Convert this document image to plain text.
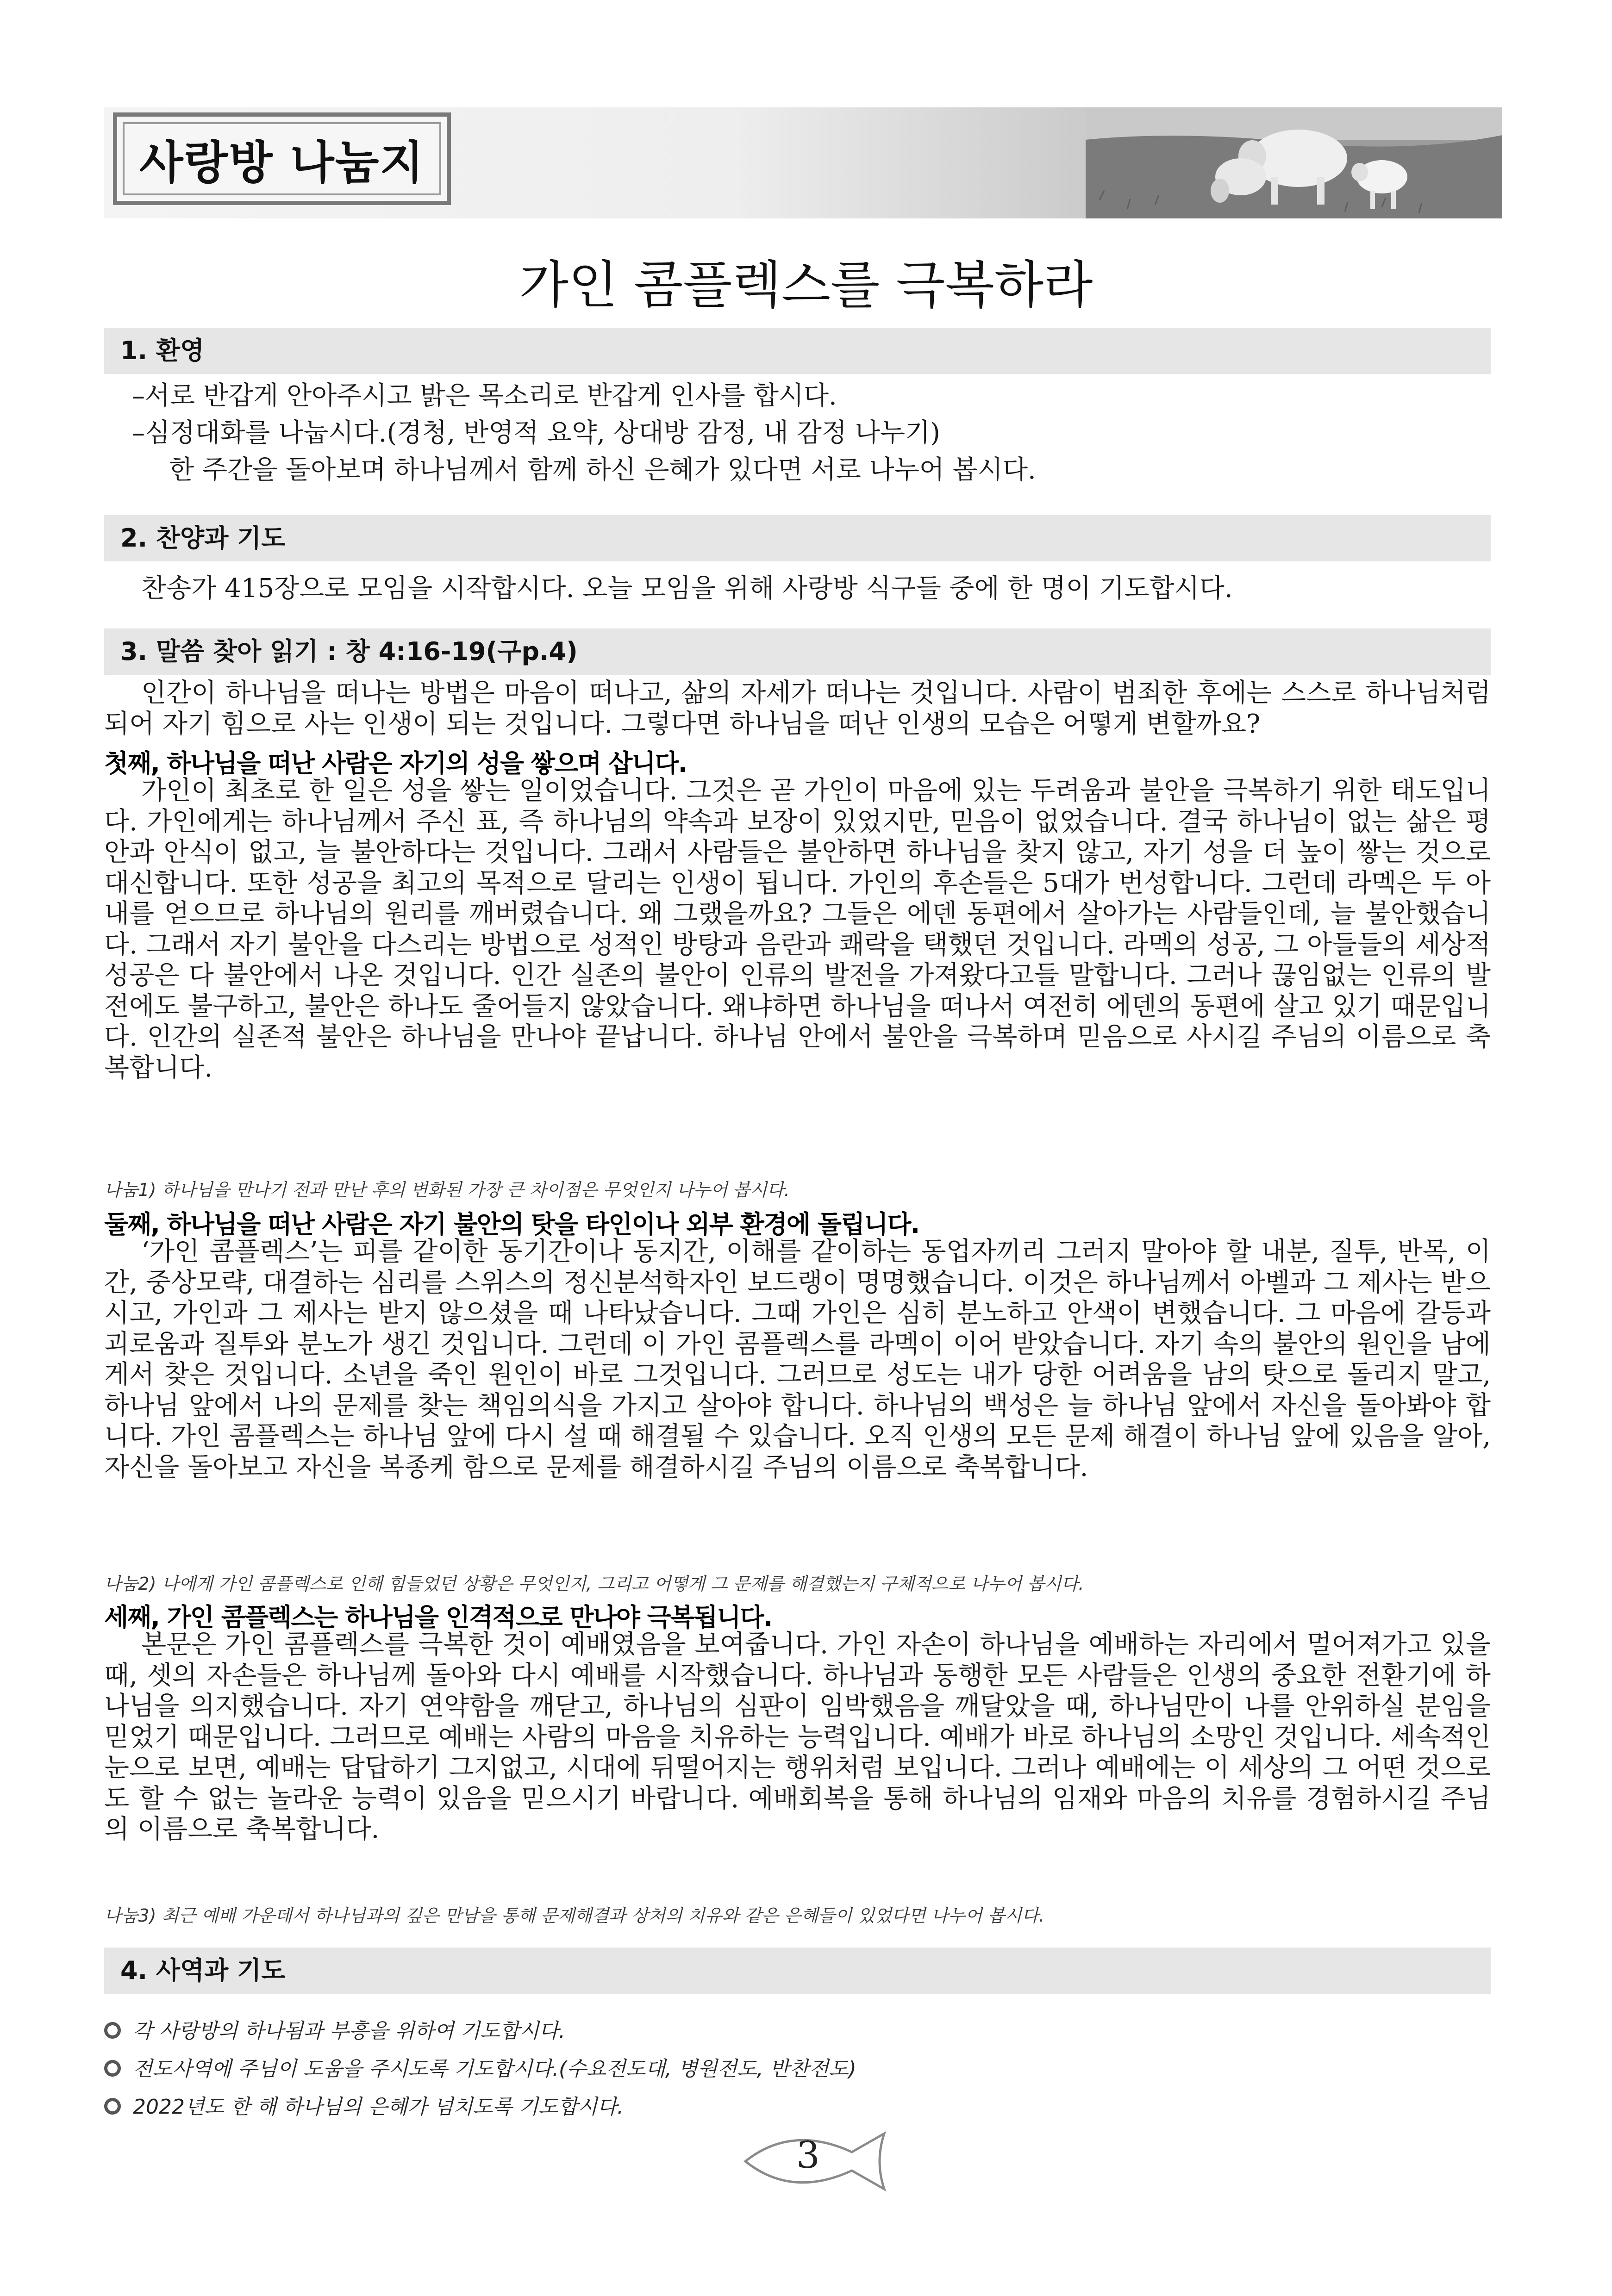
사랑방 나눔지
가인 콤플렉스를 극복하라
1. 환영
–서로 반갑게 안아주시고 밝은 목소리로 반갑게 인사를 합시다.
–심정대화를 나눕시다.(경청, 반영적 요약, 상대방 감정, 내 감정 나누기)
한 주간을 돌아보며 하나님께서 함께 하신 은혜가 있다면 서로 나누어 봅시다.
2. 찬양과 기도
찬송가 415장으로 모임을 시작합시다. 오늘 모임을 위해 사랑방 식구들 중에 한 명이 기도합시다.
3. 말씀 찾아 읽기 : 창 4:16-19(구p.4)

인간이 하나님을 떠나는 방법은 마음이 떠나고, 삶의 자세가 떠나는 것입니다. 사람이 범죄한 후에는 스스로 하나님처럼 되어 자기 힘으로 사는 인생이 되는 것입니다. 그렇다면 하나님을 떠난 인생의 모습은 어떻게 변할까요?

첫째, 하나님을 떠난 사람은 자기의 성을 쌓으며 삽니다.

가인이 최초로 한 일은 성을 쌓는 일이었습니다. 그것은 곧 가인이 마음에 있는 두려움과 불안을 극복하기 위한 태도입니다. 가인에게는 하나님께서 주신 표, 즉 하나님의 약속과 보장이 있었지만, 믿음이 없었습니다. 결국 하나님이 없는 삶은 평안과 안식이 없고, 늘 불안하다는 것입니다. 그래서 사람들은 불안하면 하나님을 찾지 않고, 자기 성을 더 높이 쌓는 것으로 대신합니다. 또한 성공을 최고의 목적으로 달리는 인생이 됩니다. 가인의 후손들은 5대가 번성합니다. 그런데 라멕은 두 아내를 얻으므로 하나님의 원리를 깨버렸습니다. 왜 그랬을까요? 그들은 에덴 동편에서 살아가는 사람들인데, 늘 불안했습니다. 그래서 자기 불안을 다스리는 방법으로 성적인 방탕과 음란과 쾌락을 택했던 것입니다. 라멕의 성공, 그 아들들의 세상적 성공은 다 불안에서 나온 것입니다. 인간 실존의 불안이 인류의 발전을 가져왔다고들 말합니다. 그러나 끊임없는 인류의 발전에도 불구하고, 불안은 하나도 줄어들지 않았습니다. 왜냐하면 하나님을 떠나서 여전히 에덴의 동편에 살고 있기 때문입니다. 인간의 실존적 불안은 하나님을 만나야 끝납니다. 하나님 안에서 불안을 극복하며 믿음으로 사시길 주님의 이름으로 축복합니다.

나눔1) 하나님을 만나기 전과 만난 후의 변화된 가장 큰 차이점은 무엇인지 나누어 봅시다.
둘째, 하나님을 떠난 사람은 자기 불안의 탓을 타인이나 외부 환경에 돌립니다.

‘가인 콤플렉스’는 피를 같이한 동기간이나 동지간, 이해를 같이하는 동업자끼리 그러지 말아야 할 내분, 질투, 반목, 이간, 중상모략, 대결하는 심리를 스위스의 정신분석학자인 보드랭이 명명했습니다. 이것은 하나님께서 아벨과 그 제사는 받으시고, 가인과 그 제사는 받지 않으셨을 때 나타났습니다. 그때 가인은 심히 분노하고 안색이 변했습니다. 그 마음에 갈등과 괴로움과 질투와 분노가 생긴 것입니다. 그런데 이 가인 콤플렉스를 라멕이 이어 받았습니다. 자기 속의 불안의 원인을 남에게서 찾은 것입니다. 소년을 죽인 원인이 바로 그것입니다. 그러므로 성도는 내가 당한 어려움을 남의 탓으로 돌리지 말고, 하나님 앞에서 나의 문제를 찾는 책임의식을 가지고 살아야 합니다. 하나님의 백성은 늘 하나님 앞에서 자신을 돌아봐야 합니다. 가인 콤플렉스는 하나님 앞에 다시 설 때 해결될 수 있습니다. 오직 인생의 모든 문제 해결이 하나님 앞에 있음을 알아, 자신을 돌아보고 자신을 복종케 함으로 문제를 해결하시길 주님의 이름으로 축복합니다.

나눔2) 나에게 가인 콤플렉스로 인해 힘들었던 상황은 무엇인지, 그리고 어떻게 그 문제를 해결했는지 구체적으로 나누어 봅시다.
세째, 가인 콤플렉스는 하나님을 인격적으로 만나야 극복됩니다.

본문은 가인 콤플렉스를 극복한 것이 예배였음을 보여줍니다. 가인 자손이 하나님을 예배하는 자리에서 멀어져가고 있을 때, 셋의 자손들은 하나님께 돌아와 다시 예배를 시작했습니다. 하나님과 동행한 모든 사람들은 인생의 중요한 전환기에 하나님을 의지했습니다. 자기 연약함을 깨닫고, 하나님의 심판이 임박했음을 깨달았을 때, 하나님만이 나를 안위하실 분임을 믿었기 때문입니다. 그러므로 예배는 사람의 마음을 치유하는 능력입니다. 예배가 바로 하나님의 소망인 것입니다. 세속적인 눈으로 보면, 예배는 답답하기 그지없고, 시대에 뒤떨어지는 행위처럼 보입니다. 그러나 예배에는 이 세상의 그 어떤 것으로도 할 수 없는 놀라운 능력이 있음을 믿으시기 바랍니다. 예배회복을 통해 하나님의 임재와 마음의 치유를 경험하시길 주님의 이름으로 축복합니다.

나눔3) 최근 예배 가운데서 하나님과의 깊은 만남을 통해 문제해결과 상처의 치유와 같은 은혜들이 있었다면 나누어 봅시다.
4. 사역과 기도
각 사랑방의 하나됨과 부흥을 위하여 기도합시다.
전도사역에 주님이 도움을 주시도록 기도합시다.(수요전도대, 병원전도, 반찬전도)
2022년도 한 해 하나님의 은혜가 넘치도록 기도합시다.
3
